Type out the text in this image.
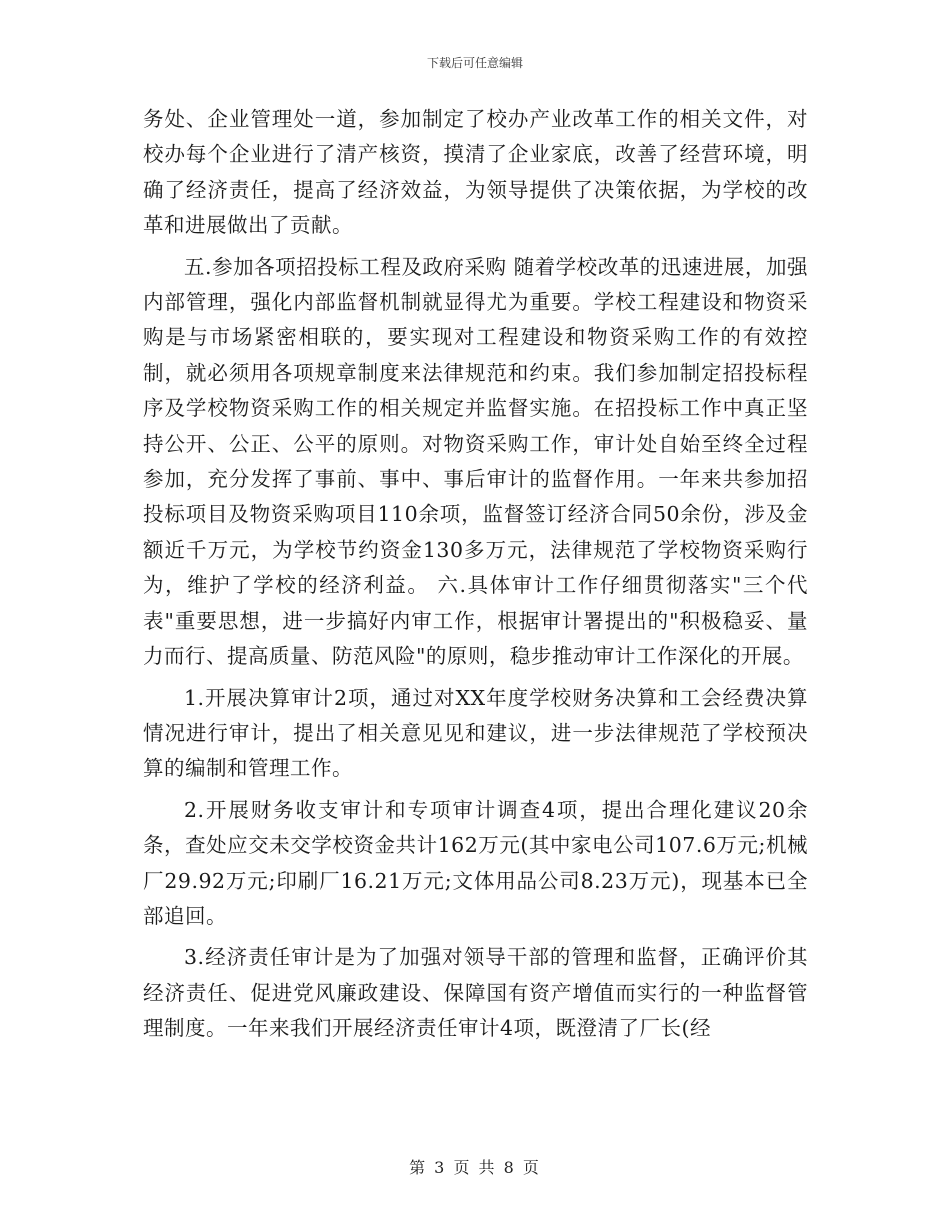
下载后可任意编辑

务处、企业管理处一道，参加制定了校办产业改革工作的相关文件，对校办每个企业进行了清产核资，摸清了企业家底，改善了经营环境，明确了经济责任，提高了经济效益，为领导提供了决策依据，为学校的改革和进展做出了贡献。

五.参加各项招投标工程及政府采购 随着学校改革的迅速进展，加强内部管理，强化内部监督机制就显得尤为重要。学校工程建设和物资采购是与市场紧密相联的，要实现对工程建设和物资采购工作的有效控制，就必须用各项规章制度来法律规范和约束。我们参加制定招投标程序及学校物资采购工作的相关规定并监督实施。在招投标工作中真正坚持公开、公正、公平的原则。对物资采购工作，审计处自始至终全过程参加，充分发挥了事前、事中、事后审计的监督作用。一年来共参加招投标项目及物资采购项目110余项，监督签订经济合同50余份，涉及金额近千万元，为学校节约资金130多万元，法律规范了学校物资采购行为，维护了学校的经济利益。 六.具体审计工作仔细贯彻落实"三个代表"重要思想，进一步搞好内审工作，根据审计署提出的"积极稳妥、量力而行、提高质量、防范风险"的原则，稳步推动审计工作深化的开展。

1.开展决算审计2项，通过对XX年度学校财务决算和工会经费决算情况进行审计，提出了相关意见见和建议，进一步法律规范了学校预决算的编制和管理工作。

2.开展财务收支审计和专项审计调查4项，提出合理化建议20余条，查处应交未交学校资金共计162万元(其中家电公司107.6万元;机械厂29.92万元;印刷厂16.21万元;文体用品公司8.23万元)，现基本已全部追回。

3.经济责任审计是为了加强对领导干部的管理和监督，正确评价其经济责任、促进党风廉政建设、保障国有资产增值而实行的一种监督管理制度。一年来我们开展经济责任审计4项，既澄清了厂长(经

第 3 页 共 8 页
